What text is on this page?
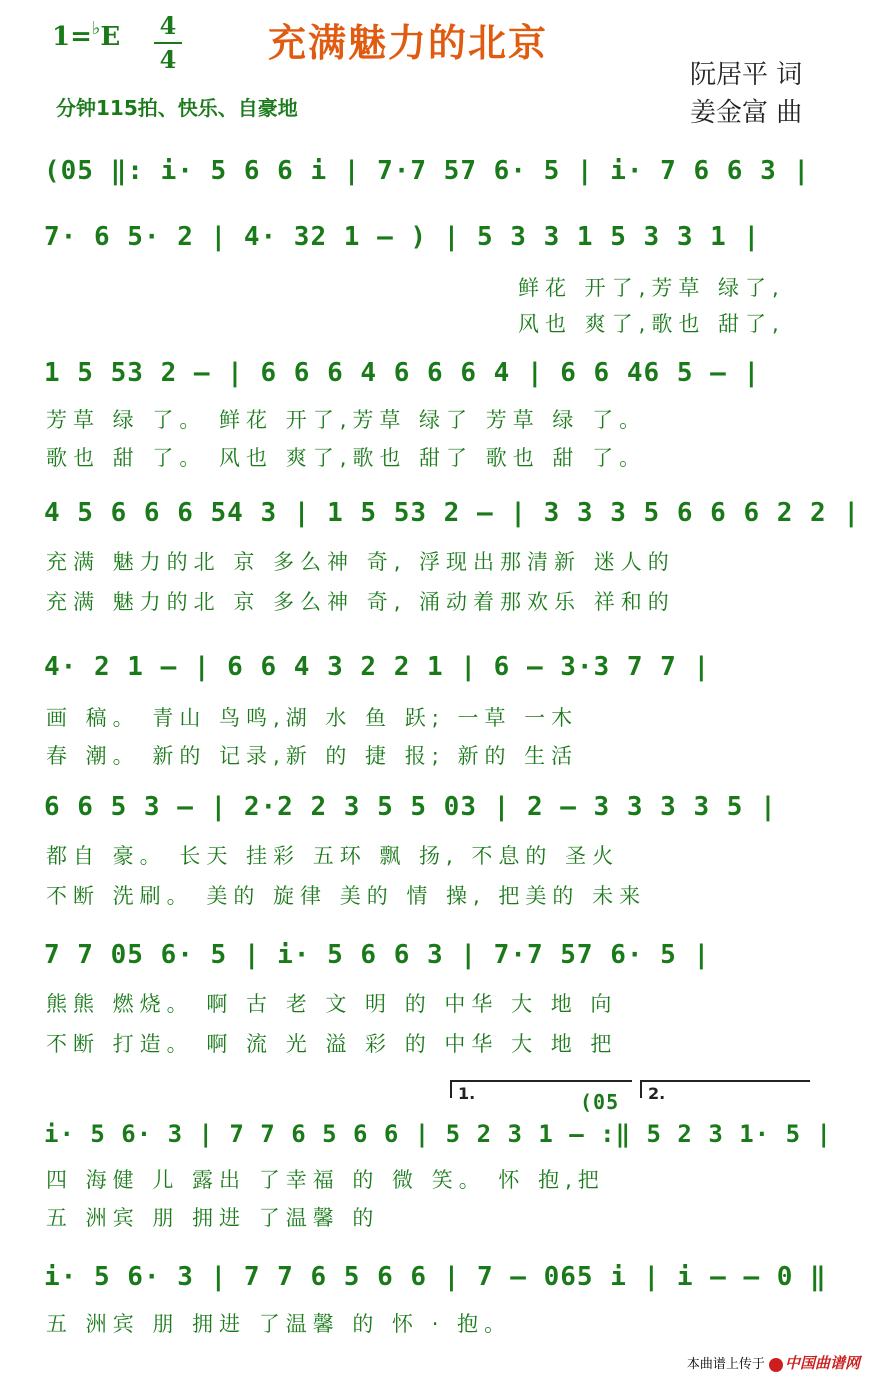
1=♭E	4
4 充满魅力的北京
阮居平 词
姜金富 曲
分钟115拍、快乐、自豪地
(05 ‖: i· 5 6 6 i | 7·7 57 6· 5 | i· 7 6 6 3 |
7· 6 5· 2 | 4· 32 1 – ) | 5 3 3 1 5 3 3 1 |
鲜花 开了,芳草 绿了,
风也 爽了,歌也 甜了,
1 5 53 2 – | 6 6 6 4 6 6 6 4 | 6 6 46 5 – |
芳草 绿 了。 鲜花 开了,芳草 绿了 芳草 绿 了。
歌也 甜 了。 风也 爽了,歌也 甜了 歌也 甜 了。
4 5 6 6 6 54 3 | 1 5 53 2 – | 3 3 3 5 6 6 6 2 2 |
充满 魅力的北 京 多么神 奇, 浮现出那清新 迷人的
充满 魅力的北 京 多么神 奇, 涌动着那欢乐 祥和的
4· 2 1 – | 6 6 4 3 2 2 1 | 6 – 3·3 7 7 |
画 稿。 青山 鸟鸣,湖 水 鱼 跃; 一草 一木
春 潮。 新的 记录,新 的 捷 报; 新的 生活
6 6 5 3 – | 2·2 2 3 5 5 03 | 2 – 3 3 3 3 5 |
都自 豪。 长天 挂彩 五环 飘 扬, 不息的 圣火
不断 洗刷。 美的 旋律 美的 情 操, 把美的 未来
7 7 05 6· 5 | i· 5 6 6 3 | 7·7 57 6· 5 |
熊熊 燃烧。 啊 古 老 文 明 的 中华 大 地 向
不断 打造。 啊 流 光 溢 彩 的 中华 大 地 把
1.	(05 2.
i· 5 6· 3 | 7 7 6 5 6 6 | 5 2 3 1 – :‖ 5 2 3 1· 5 |
四 海健 儿 露出 了幸福 的 微 笑。 怀 抱,把
五 洲宾 朋 拥进 了温馨 的
i· 5 6· 3 | 7 7 6 5 6 6 | 7 – 065 i | i – – 0 ‖
五 洲宾 朋 拥进 了温馨 的 怀 · 抱。
本曲谱上传于 中国曲谱网
